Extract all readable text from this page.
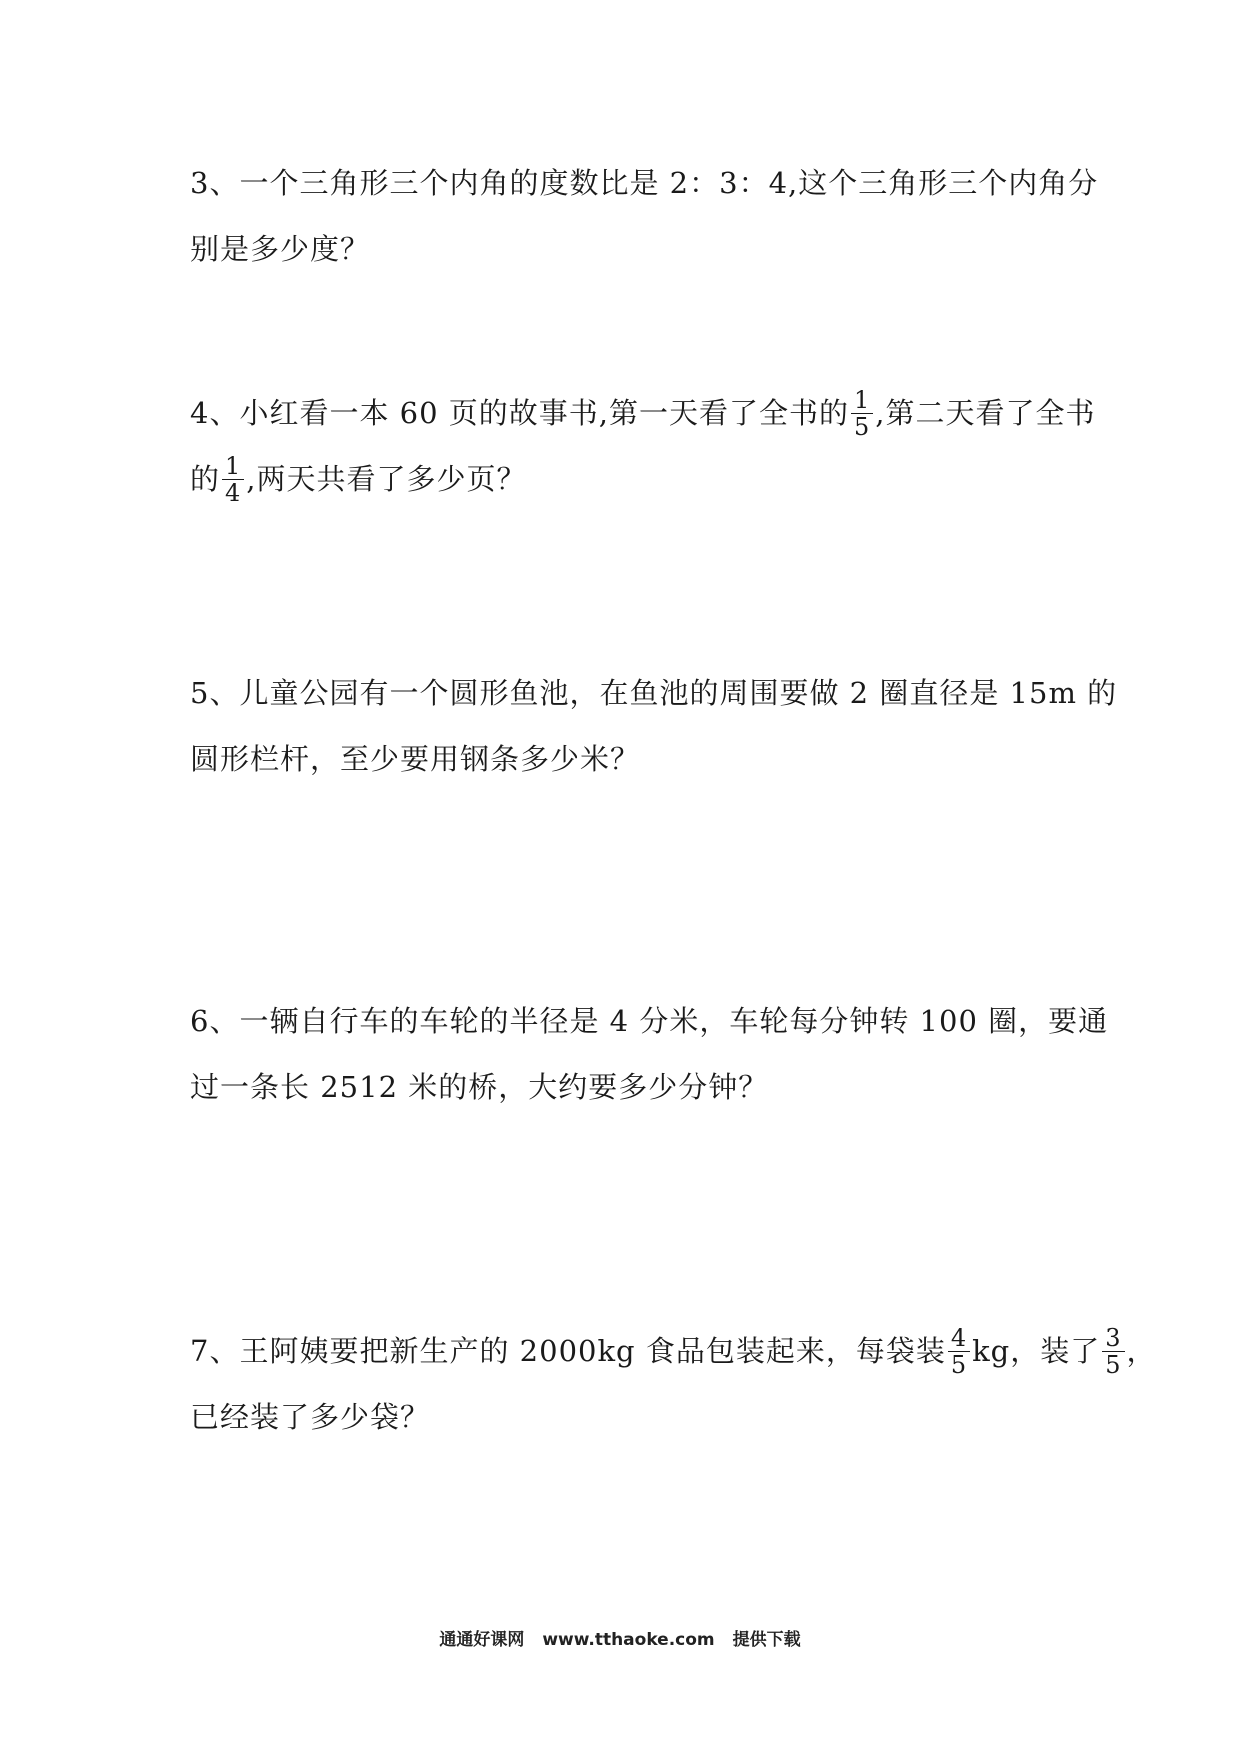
3、一个三角形三个内角的度数比是 2：3：4,这个三角形三个内角分
别是多少度？
4、小红看一本 60 页的故事书,第一天看了全书的 $\frac{1}{5}$ ,第二天看了全书
的 $\frac{1}{4}$ ,两天共看了多少页？
5、儿童公园有一个圆形鱼池，在鱼池的周围要做 2 圈直径是 15m 的
圆形栏杆，至少要用钢条多少米？
6、一辆自行车的车轮的半径是 4 分米，车轮每分钟转 100 圈，要通
过一条长 2512 米的桥，大约要多少分钟？
7、王阿姨要把新生产的 2000kg 食品包装起来，每袋装 $\frac{4}{5}$ kg，装了 $\frac{3}{5}$ ，
已经装了多少袋？

通通好课网 www.tthaoke.com 提供下载
